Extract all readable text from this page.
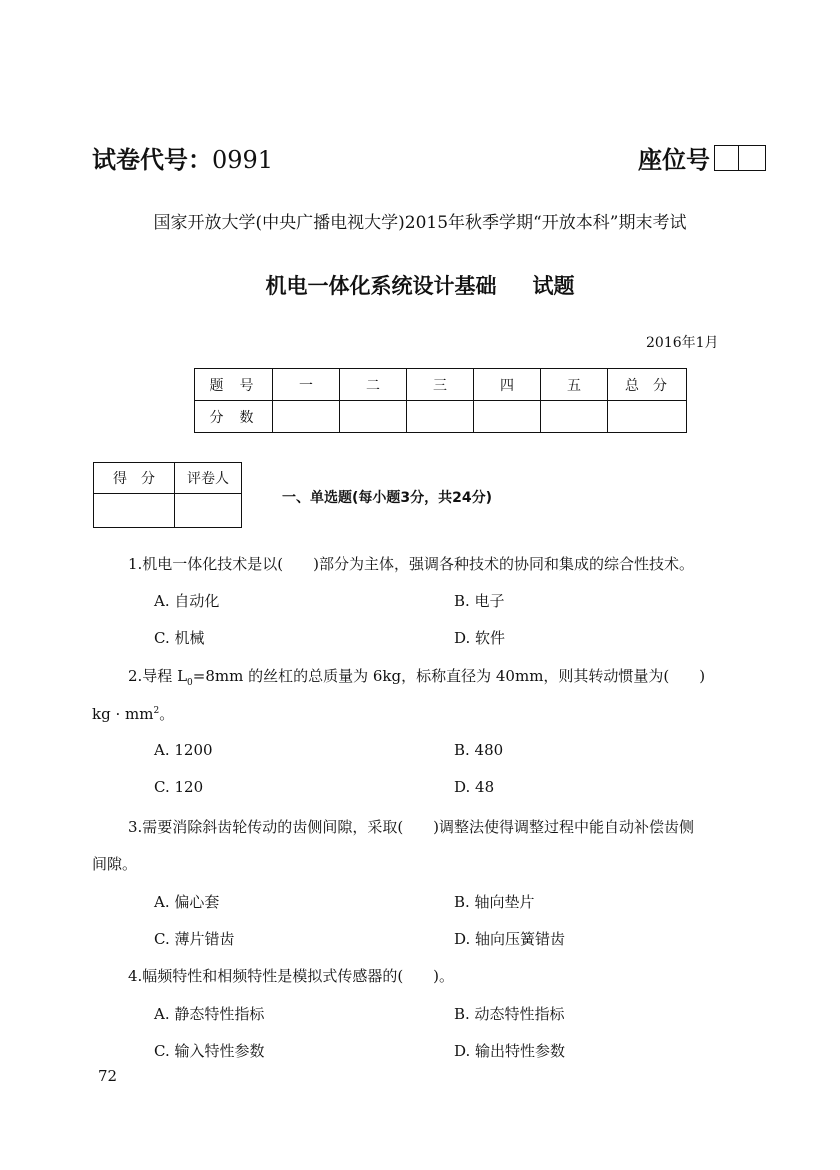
试卷代号：0991	座位号
国家开放大学(中央广播电视大学)2015年秋季学期“开放本科”期末考试
机电一体化系统设计基础 试题
2016年1月
题号	一	二	三	四	五	总分
分数						
得分	评卷人

一、单选题(每小题3分，共24分)
1.机电一体化技术是以(　　)部分为主体，强调各种技术的协同和集成的综合性技术。
A. 自动化	B. 电子
C. 机械	D. 软件
2.导程 $L_0=8mm$ 的丝杠的总质量为 6kg，标称直径为 40mm，则其转动惯量为(　　)
kg · $mm^2$。
A. 1200	B. 480
C. 120	D. 48
3.需要消除斜齿轮传动的齿侧间隙，采取(　　)调整法使得调整过程中能自动补偿齿侧
间隙。
A. 偏心套	B. 轴向垫片
C. 薄片错齿	D. 轴向压簧错齿
4.幅频特性和相频特性是模拟式传感器的(　　)。
A. 静态特性指标	B. 动态特性指标
C. 输入特性参数	D. 输出特性参数
72
